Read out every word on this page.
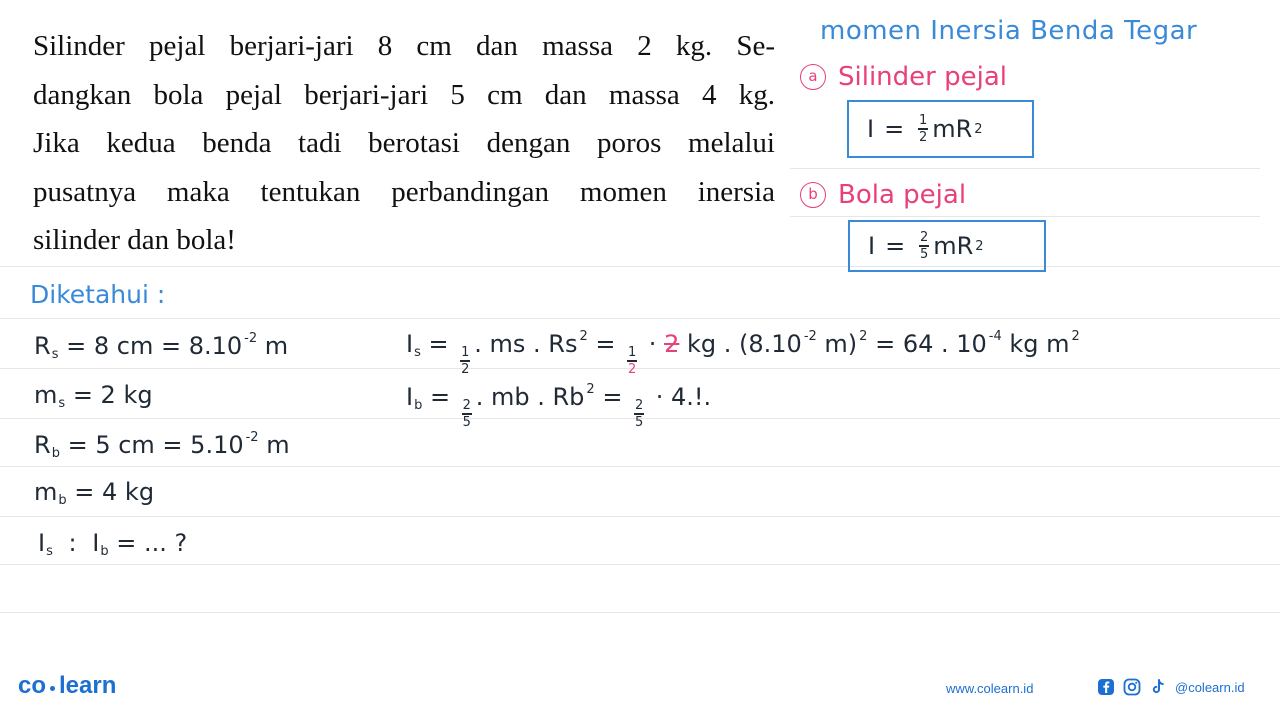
Silinder pejal berjari-jari 8 cm dan massa 2 kg. Se-
dangkan bola pejal berjari-jari 5 cm dan massa 4 kg.
Jika kedua benda tadi berotasi dengan poros melalui
pusatnya maka tentukan perbandingan momen inersia
silinder dan bola!
momen Inersia Benda Tegar
a Silinder pejal
$I = \frac{1}{2}$ mR 2
b Bola pejal
$I = \frac{2}{5}$ mR 2
Diketahui :
$R_s = 8$ cm = 8.10 $^{-2}$ m
$m_s = 2$ kg
$R_b = 5$ cm = 5.10 $^{-2}$ m
$m_b = 4$ kg
$I_s$ : $I_b$ = ... ?
$I_s$ =
$\frac{1}{2}$
. ms . Rs $^2$ =
$\frac{1}{2}$
· 2 kg . (8.10 $^{-2}$ m) $^2$ = 64 . 10 $^{-4}$ kg m $^2$
$I_b$ =
$\frac{2}{5}$
. mb . Rb $^2$ =
$\frac{2}{5}$
· 4.!.
co learn	www.colearn.id	@colearn.id
